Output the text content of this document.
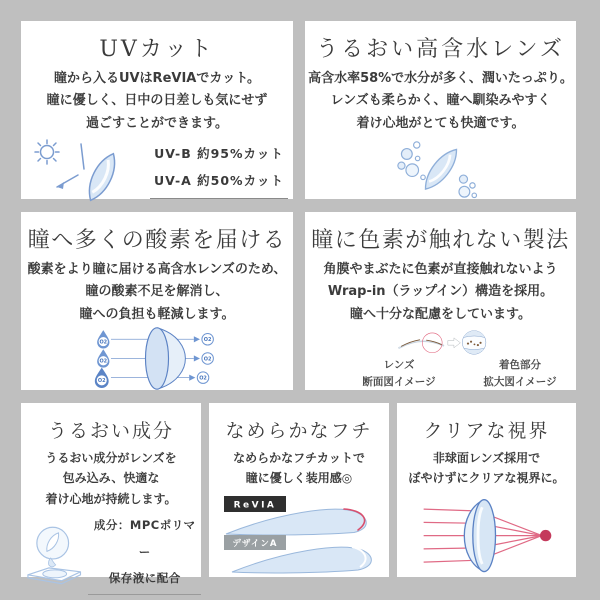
UVカット
瞳から入るUVはReVIAでカット。
瞳に優しく、日中の日差しも気にせず
過ごすことができます。
UV-B 約95%カット
UV-A 約50%カット
うるおい高含水レンズ
高含水率58%で水分が多く、潤いたっぷり。
レンズも柔らかく、瞳へ馴染みやすく
着け心地がとても快適です。
瞳へ多くの酸素を届ける
酸素をより瞳に届ける高含水レンズのため、
瞳の酸素不足を解消し、
瞳への負担も軽減します。
O2
O2
O2
O2
O2
O2
瞳に色素が触れない製法
角膜やまぶたに色素が直接触れないよう
Wrap-in（ラップイン）構造を採用。
瞳へ十分な配慮をしています。
レンズ
断面図イメージ
着色部分
拡大図イメージ
うるおい成分
うるおい成分がレンズを
包み込み、快適な
着け心地が持続します。
成分：MPCポリマー
保存液に配合
なめらかなフチ
なめらかなフチカットで
瞳に優しく装用感◎
ReVIA
デザインA
クリアな視界
非球面レンズ採用で
ぼやけずにクリアな視界に。
